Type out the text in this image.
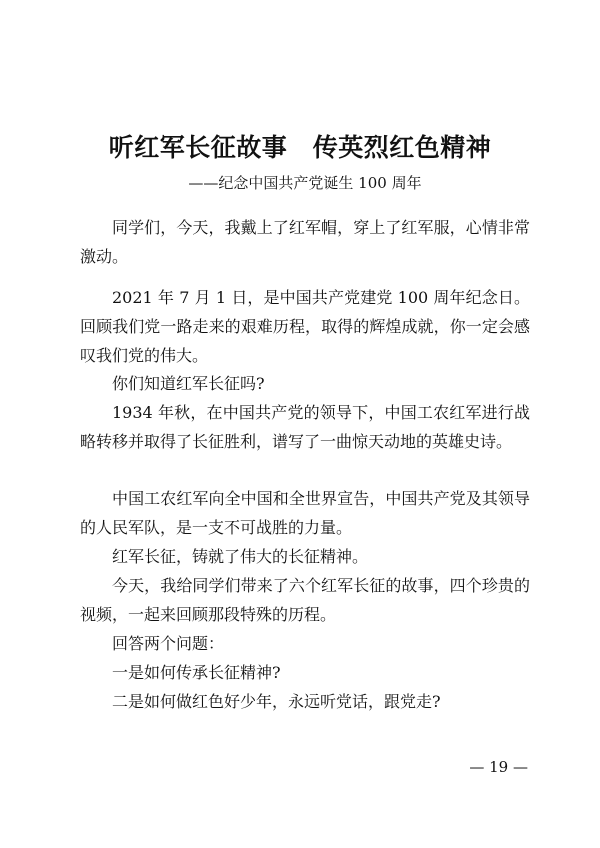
听红军长征故事　传英烈红色精神
——纪念中国共产党诞生 100 周年

同学们，今天，我戴上了红军帽，穿上了红军服，心情非常激动。

2021 年 7 月 1 日，是中国共产党建党 100 周年纪念日。回顾我们党一路走来的艰难历程，取得的辉煌成就，你一定会感叹我们党的伟大。

你们知道红军长征吗?

1934 年秋，在中国共产党的领导下，中国工农红军进行战略转移并取得了长征胜利，谱写了一曲惊天动地的英雄史诗。

中国工农红军向全中国和全世界宣告，中国共产党及其领导的人民军队，是一支不可战胜的力量。

红军长征，铸就了伟大的长征精神。

今天，我给同学们带来了六个红军长征的故事，四个珍贵的视频，一起来回顾那段特殊的历程。

回答两个问题：

一是如何传承长征精神?

二是如何做红色好少年，永远听党话，跟党走?

— 19 —
